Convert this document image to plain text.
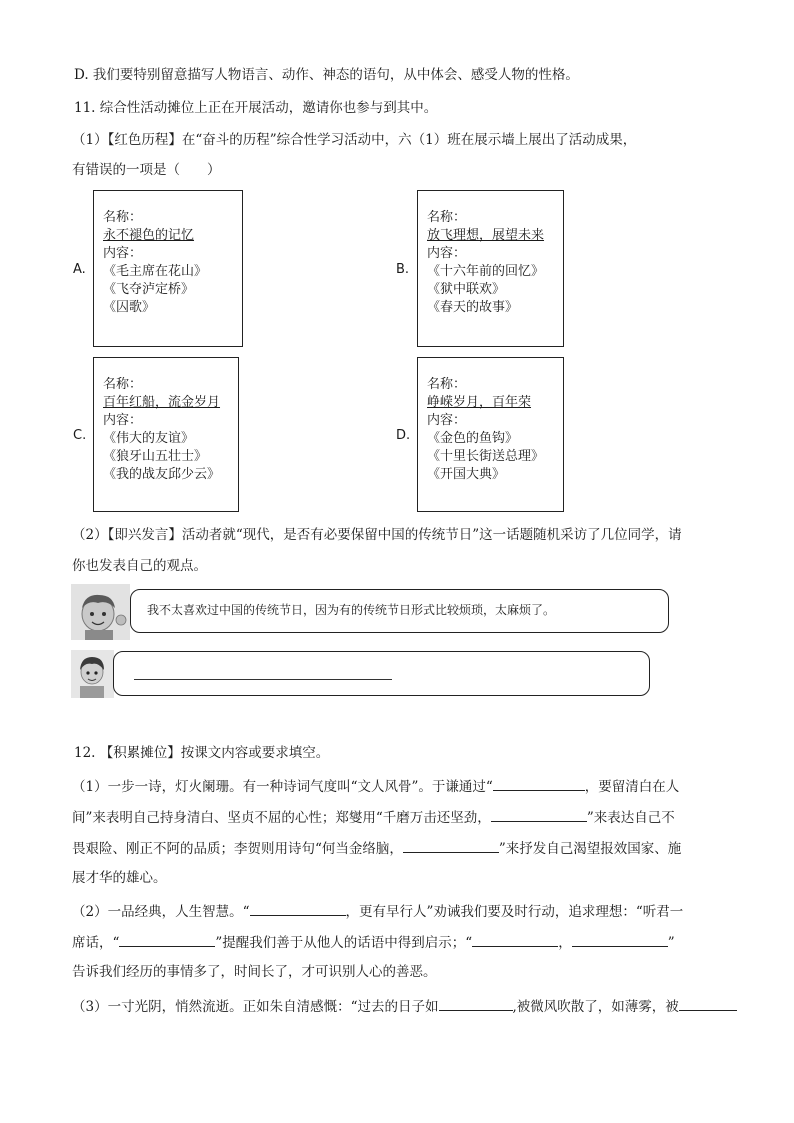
D. 我们要特别留意描写人物语言、动作、神态的语句，从中体会、感受人物的性格。
11. 综合性活动摊位上正在开展活动，邀请你也参与到其中。
（1）【红色历程】在“奋斗的历程”综合性学习活动中，六（1）班在展示墙上展出了活动成果，
有错误的一项是（　　）
A.
名称：
永不褪色的记忆
内容：
《毛主席在花山》
《飞夺泸定桥》
《囚歌》
B.
名称：
放飞理想，展望未来
内容：
《十六年前的回忆》
《狱中联欢》
《春天的故事》
C.
名称：
百年红船，流金岁月
内容：
《伟大的友谊》
《狼牙山五壮士》
《我的战友邱少云》
D.
名称：
峥嵘岁月，百年荣
内容：
《金色的鱼钩》
《十里长街送总理》
《开国大典》
（2）【即兴发言】活动者就“现代，是否有必要保留中国的传统节日”这一话题随机采访了几位同学，请
你也发表自己的观点。
我不太喜欢过中国的传统节日，因为有的传统节日形式比较烦琐，太麻烦了。
12. 【积累摊位】按课文内容或要求填空。
（1）一步一诗，灯火阑珊。有一种诗词气度叫“文人风骨”。于谦通过“	，要留清白在人
间”来表明自己持身清白、坚贞不屈的心性；郑燮用“千磨万击还坚劲，	”来表达自己不
畏艰险、刚正不阿的品质；李贺则用诗句“何当金络脑，	”来抒发自己渴望报效国家、施
展才华的雄心。
（2）一品经典，人生智慧。“	，更有早行人”劝诫我们要及时行动，追求理想：“听君一
席话，“	”提醒我们善于从他人的话语中得到启示；“	，	”
告诉我们经历的事情多了，时间长了，才可识别人心的善恶。
（3）一寸光阴，悄然流逝。正如朱自清感慨：“过去的日子如	,被微风吹散了，如薄雾，被
